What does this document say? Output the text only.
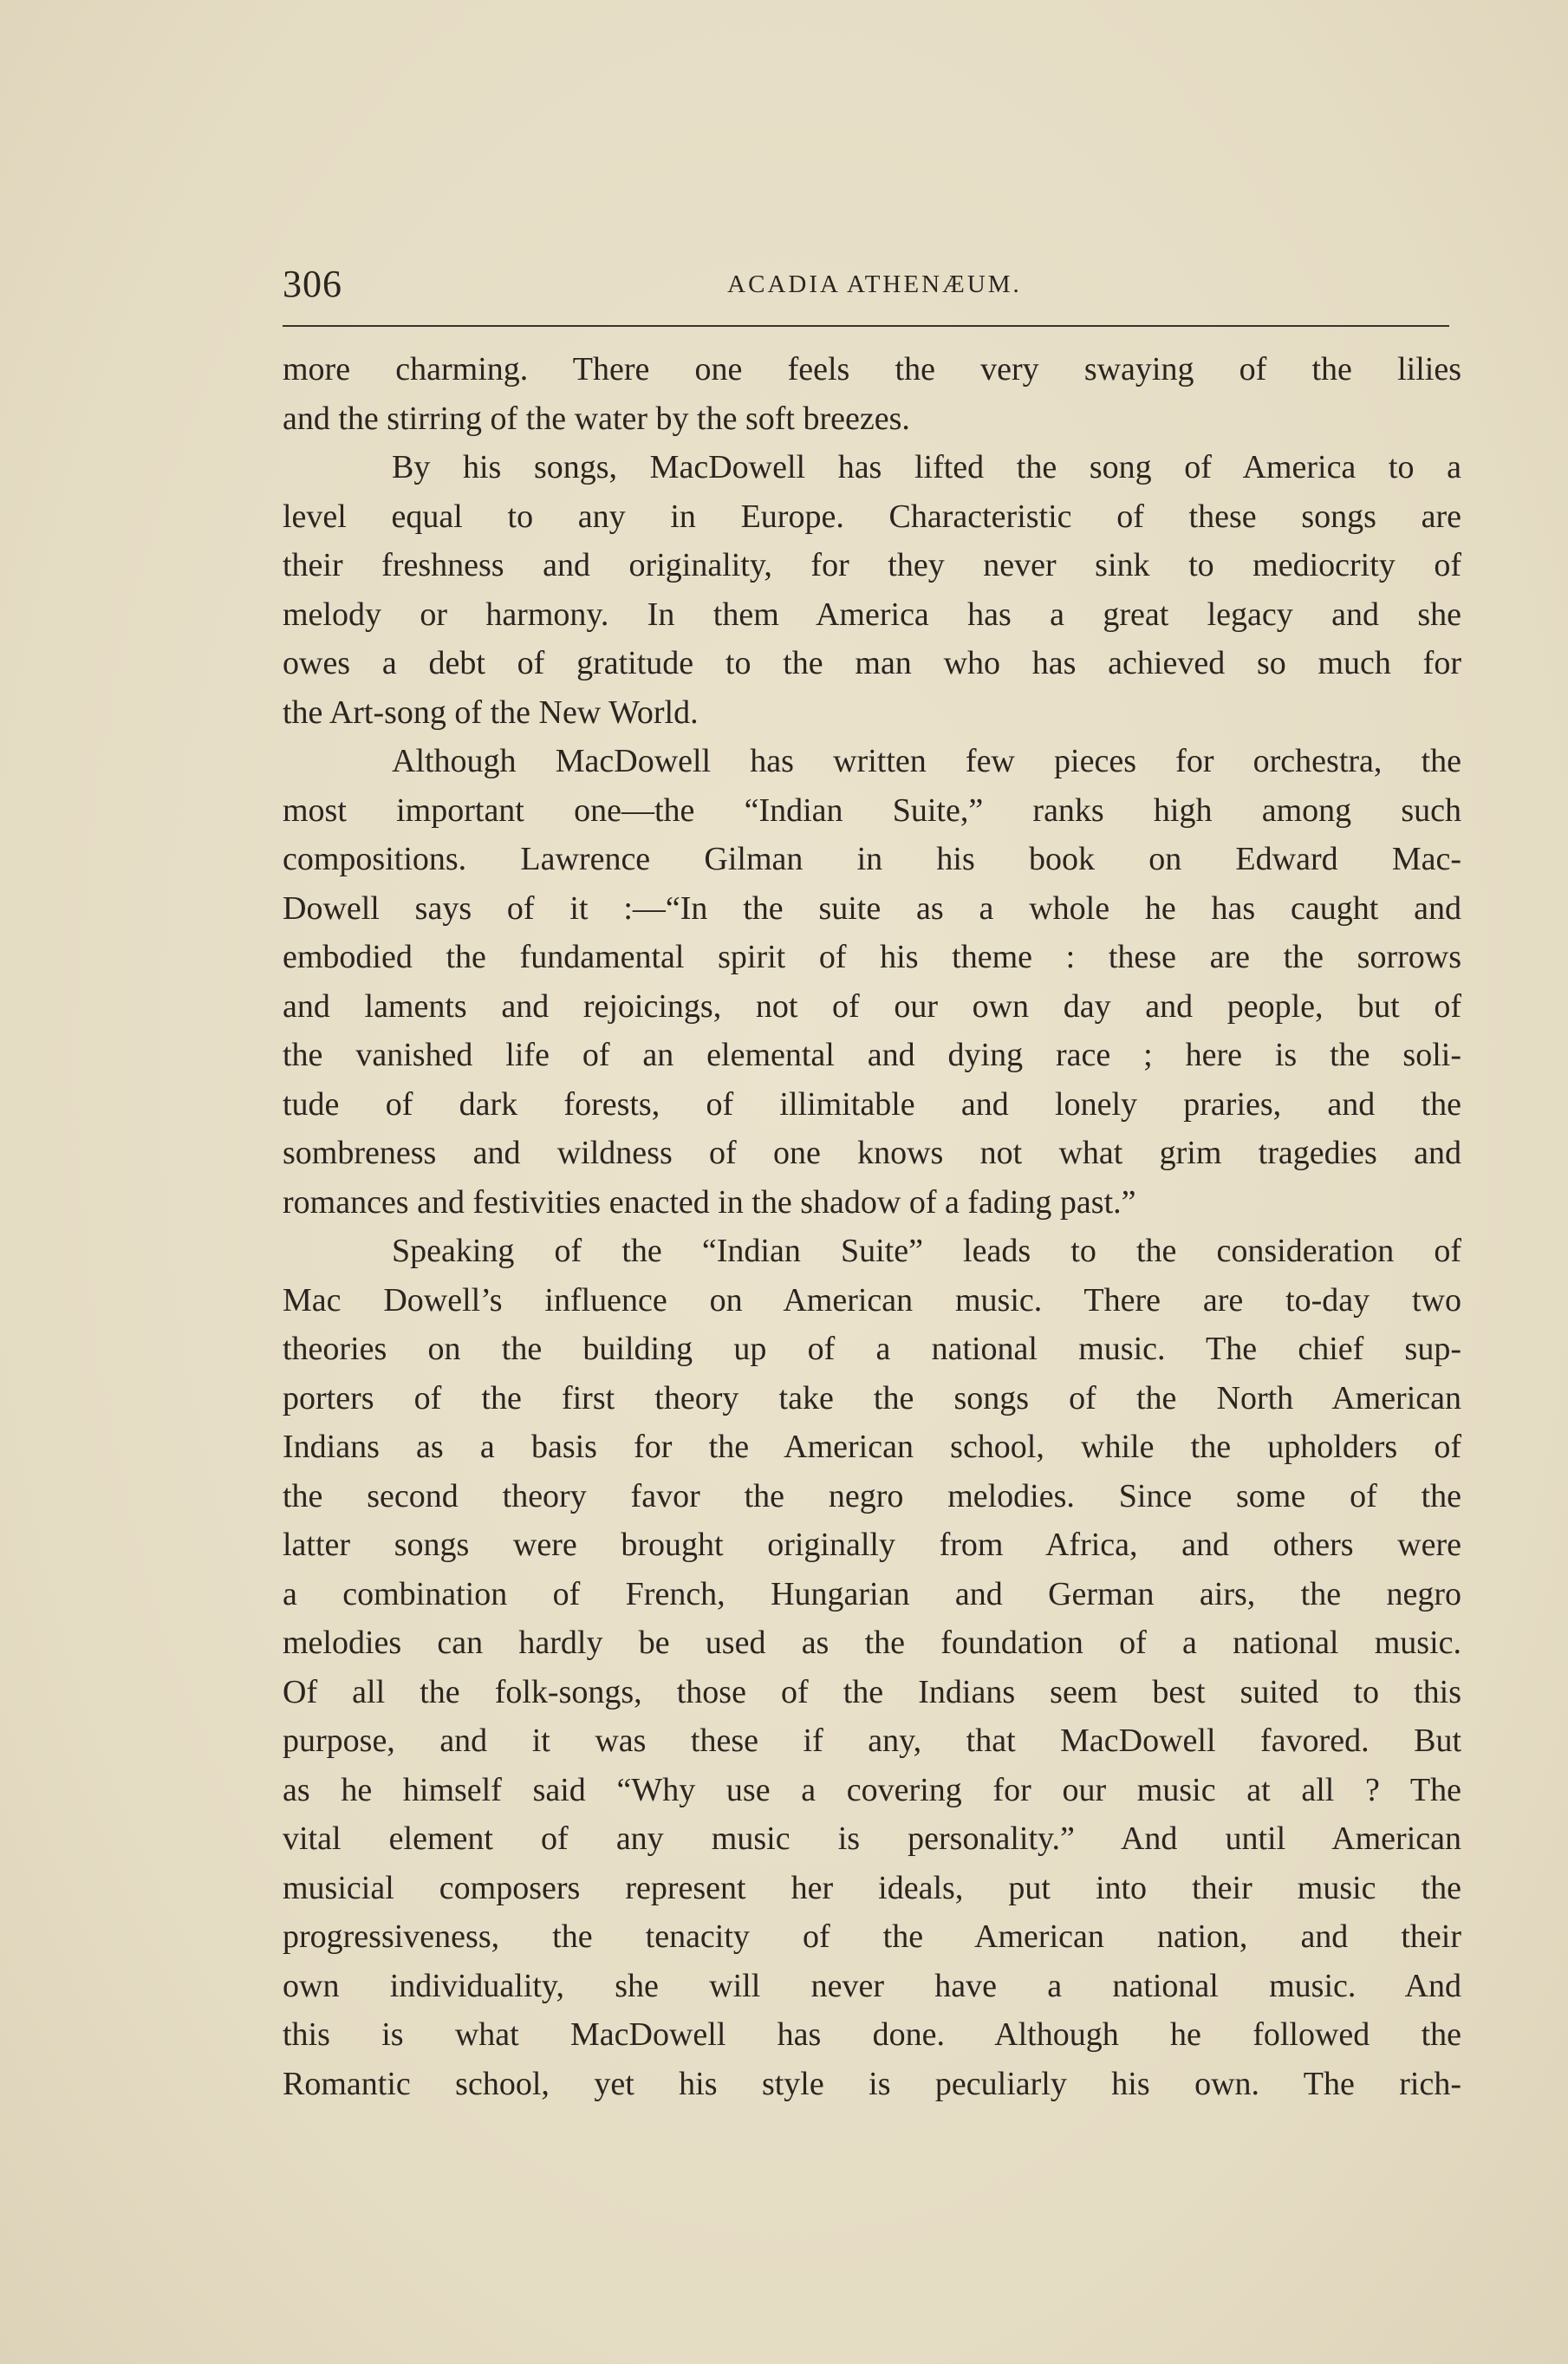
306	ACADIA ATHENÆUM.
more charming. There one feels the very swaying of the lilies
and the stirring of the water by the soft breezes.
By his songs, MacDowell has lifted the song of America to a
level equal to any in Europe. Characteristic of these songs are
their freshness and originality, for they never sink to mediocrity of
melody or harmony. In them America has a great legacy and she
owes a debt of gratitude to the man who has achieved so much for
the Art-song of the New World.
Although MacDowell has written few pieces for orchestra, the
most important one—the “Indian Suite,” ranks high among such
compositions. Lawrence Gilman in his book on Edward Mac-
Dowell says of it :—“In the suite as a whole he has caught and
embodied the fundamental spirit of his theme : these are the sorrows
and laments and rejoicings, not of our own day and people, but of
the vanished life of an elemental and dying race ; here is the soli-
tude of dark forests, of illimitable and lonely praries, and the
sombreness and wildness of one knows not what grim tragedies and
romances and festivities enacted in the shadow of a fading past.”
Speaking of the “Indian Suite” leads to the consideration of
Mac Dowell’s influence on American music. There are to-day two
theories on the building up of a national music. The chief sup-
porters of the first theory take the songs of the North American
Indians as a basis for the American school, while the upholders of
the second theory favor the negro melodies. Since some of the
latter songs were brought originally from Africa, and others were
a combination of French, Hungarian and German airs, the negro
melodies can hardly be used as the foundation of a national music.
Of all the folk-songs, those of the Indians seem best suited to this
purpose, and it was these if any, that MacDowell favored. But
as he himself said “Why use a covering for our music at all ? The
vital element of any music is personality.” And until American
musicial composers represent her ideals, put into their music the
progressiveness, the tenacity of the American nation, and their
own individuality, she will never have a national music. And
this is what MacDowell has done. Although he followed the
Romantic school, yet his style is peculiarly his own. The rich-
